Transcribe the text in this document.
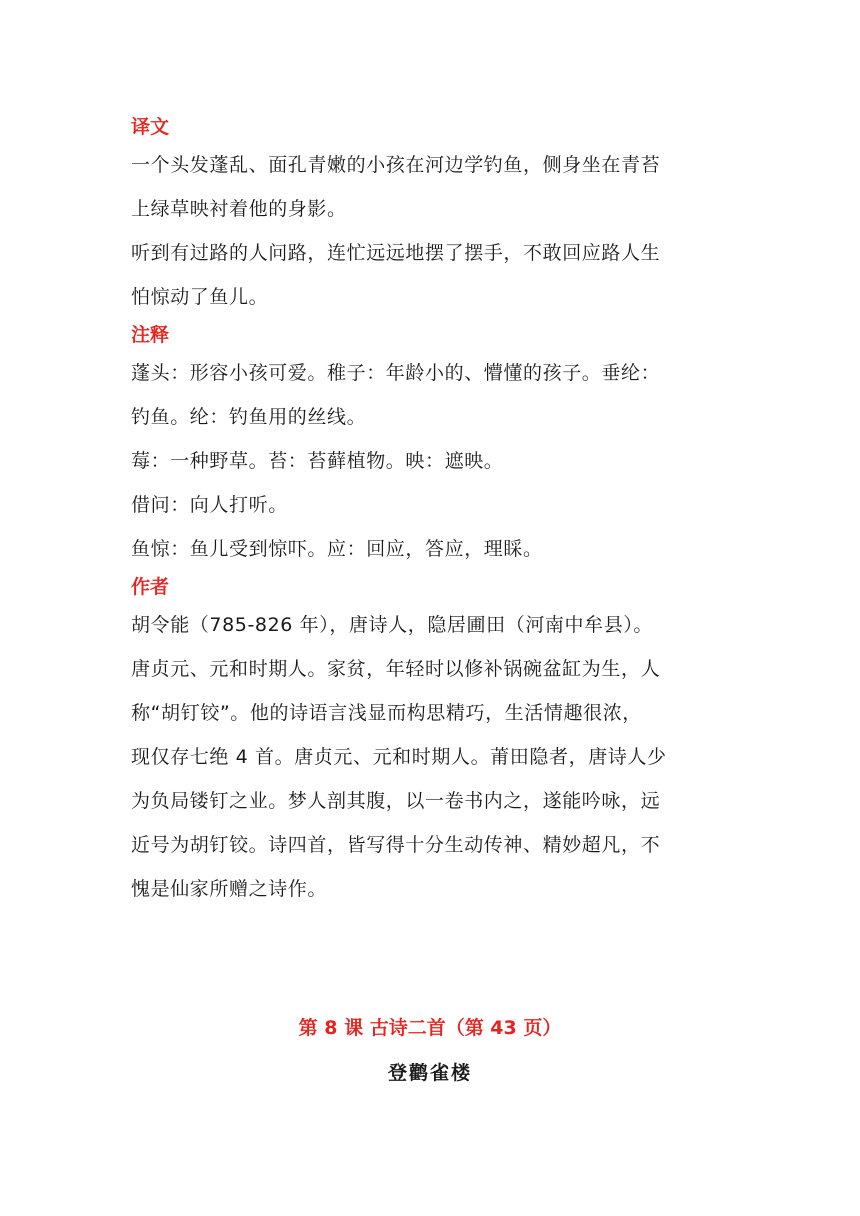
译文

一个头发蓬乱、面孔青嫩的小孩在河边学钓鱼，侧身坐在青苔
上绿草映衬着他的身影。

听到有过路的人问路，连忙远远地摆了摆手，不敢回应路人生
怕惊动了鱼儿。

注释

蓬头：形容小孩可爱。稚子：年龄小的、懵懂的孩子。垂纶：
钓鱼。纶：钓鱼用的丝线。

莓：一种野草。苔：苔藓植物。映：遮映。

借问：向人打听。

鱼惊：鱼儿受到惊吓。应：回应，答应，理睬。

作者

胡令能（785-826 年），唐诗人，隐居圃田（河南中牟县）。
唐贞元、元和时期人。家贫，年轻时以修补锅碗盆缸为生，人
称“胡钉铰”。他的诗语言浅显而构思精巧，生活情趣很浓，
现仅存七绝 4 首。唐贞元、元和时期人。莆田隐者，唐诗人少
为负局镂钉之业。梦人剖其腹，以一卷书内之，遂能吟咏，远
近号为胡钉铰。诗四首，皆写得十分生动传神、精妙超凡，不
愧是仙家所赠之诗作。

第 8 课 古诗二首（第 43 页）
登鹳雀楼
